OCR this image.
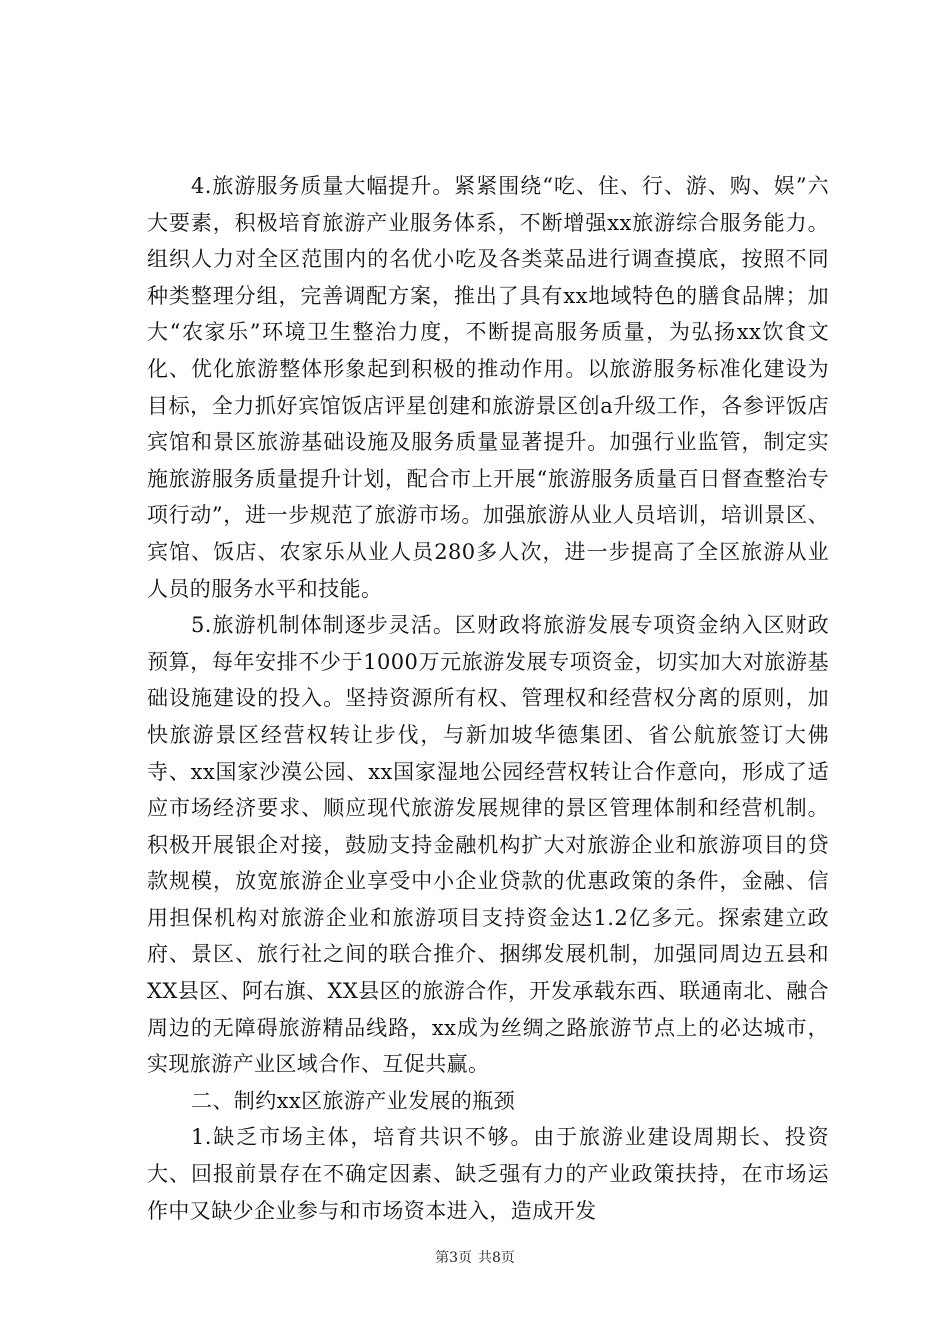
4.旅游服务质量大幅提升。紧紧围绕“吃、住、行、游、购、娱”六大要素，积极培育旅游产业服务体系，不断增强xx旅游综合服务能力。组织人力对全区范围内的名优小吃及各类菜品进行调查摸底，按照不同种类整理分组，完善调配方案，推出了具有xx地域特色的膳食品牌；加大“农家乐”环境卫生整治力度，不断提高服务质量，为弘扬xx饮食文化、优化旅游整体形象起到积极的推动作用。以旅游服务标准化建设为目标，全力抓好宾馆饭店评星创建和旅游景区创a升级工作，各参评饭店宾馆和景区旅游基础设施及服务质量显著提升。加强行业监管，制定实施旅游服务质量提升计划，配合市上开展“旅游服务质量百日督查整治专项行动”，进一步规范了旅游市场。加强旅游从业人员培训，培训景区、宾馆、饭店、农家乐从业人员280多人次，进一步提高了全区旅游从业人员的服务水平和技能。

5.旅游机制体制逐步灵活。区财政将旅游发展专项资金纳入区财政预算，每年安排不少于1000万元旅游发展专项资金，切实加大对旅游基础设施建设的投入。坚持资源所有权、管理权和经营权分离的原则，加快旅游景区经营权转让步伐，与新加坡华德集团、省公航旅签订大佛寺、xx国家沙漠公园、xx国家湿地公园经营权转让合作意向，形成了适应市场经济要求、顺应现代旅游发展规律的景区管理体制和经营机制。积极开展银企对接，鼓励支持金融机构扩大对旅游企业和旅游项目的贷款规模，放宽旅游企业享受中小企业贷款的优惠政策的条件，金融、信用担保机构对旅游企业和旅游项目支持资金达1.2亿多元。探索建立政府、景区、旅行社之间的联合推介、捆绑发展机制，加强同周边五县和XX县区、阿右旗、XX县区的旅游合作，开发承载东西、联通南北、融合周边的无障碍旅游精品线路，xx成为丝绸之路旅游节点上的必达城市，实现旅游产业区域合作、互促共赢。

二、制约xx区旅游产业发展的瓶颈

1.缺乏市场主体，培育共识不够。由于旅游业建设周期长、投资大、回报前景存在不确定因素、缺乏强有力的产业政策扶持，在市场运作中又缺少企业参与和市场资本进入，造成开发

第3页 共8页
